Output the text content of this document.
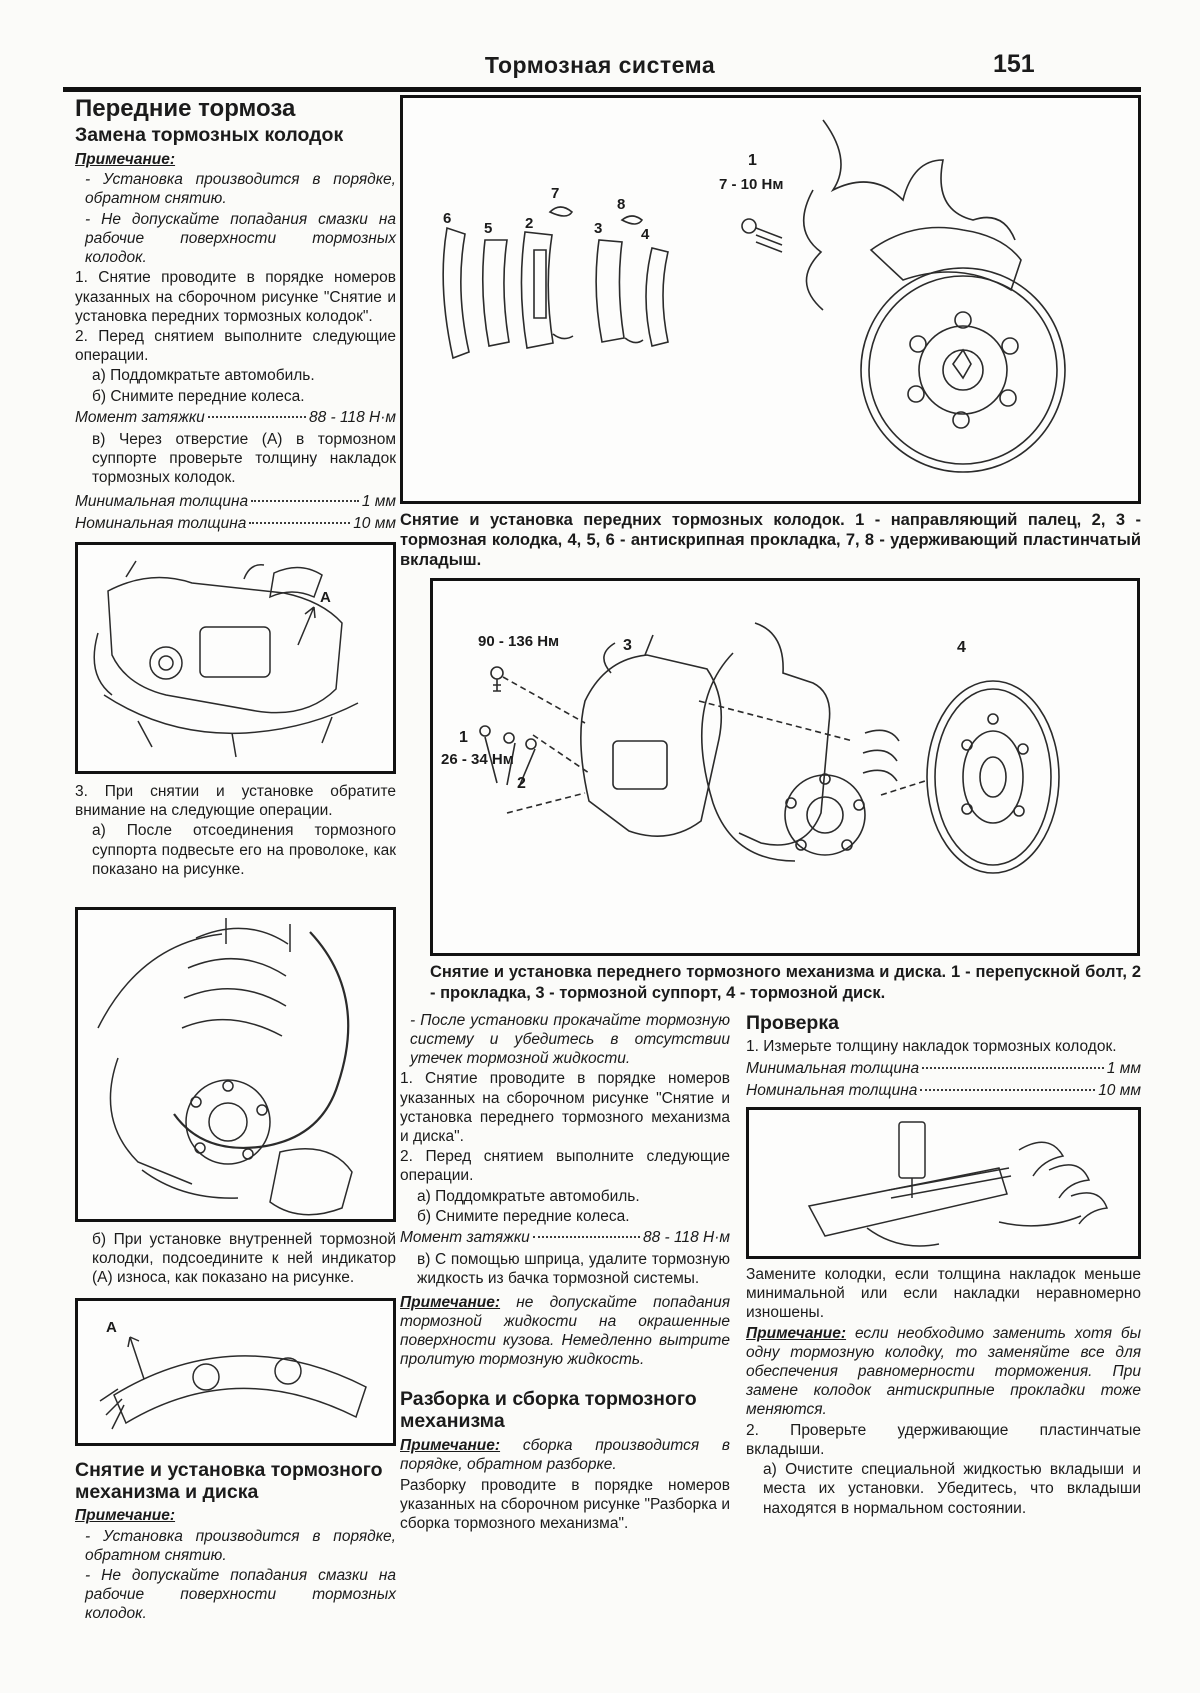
Тормозная система	151
Передние тормоза
Замена тормозных колодок
Примечание:
- Установка производится в порядке, обратном снятию.
- Не допускайте попадания смазки на рабочие поверхности тормозных колодок.
1. Снятие проводите в порядке номеров указанных на сборочном рисунке "Снятие и установка передних тормозных колодок".
2. Перед снятием выполните следующие операции.
а) Поддомкратьте автомобиль.
б) Снимите передние колеса.
Момент затяжки	88 - 118 Н·м
в) Через отверстие (А) в тормозном суппорте проверьте толщину накладок тормозных колодок.
Минимальная толщина	1 мм
Номинальная толщина	10 мм
А
3. При снятии и установке обратите внимание на следующие операции.
а) После отсоединения тормозного суппорта подвесьте его на проволоке, как показано на рисунке.
б) При установке внутренней тормозной колодки, подсоедините к ней индикатор (А) износа, как показано на рисунке.
А
Снятие и установка тормозного механизма и диска
Примечание:
- Установка производится в порядке, обратном снятию.
- Не допускайте попадания смазки на рабочие поверхности тормозных колодок.
6
5 2
7
8
3	4
1
7 - 10 Нм
Снятие и установка передних тормозных колодок. 1 - направляющий палец, 2, 3 - тормозная колодка, 4, 5, 6 - антискрипная прокладка, 7, 8 - удерживающий пластинчатый вкладыш.
90 - 136 Нм	3
1
26 - 34 Нм
2
4
Снятие и установка переднего тормозного механизма и диска. 1 - перепускной болт, 2 - прокладка, 3 - тормозной суппорт, 4 - тормозной диск.
- После установки прокачайте тормозную систему и убедитесь в отсутствии утечек тормозной жидкости.
1. Снятие проводите в порядке номеров указанных на сборочном рисунке "Снятие и установка переднего тормозного механизма и диска".
2. Перед снятием выполните следующие операции.
а) Поддомкратьте автомобиль.
б) Снимите передние колеса.
Момент затяжки	88 - 118 Н·м
в) С помощью шприца, удалите тормозную жидкость из бачка тормозной системы.
Примечание: не допускайте попадания тормозной жидкости на окрашенные поверхности кузова. Немедленно вытрите пролитую тормозную жидкость.
Разборка и сборка тормозного механизма
Примечание: сборка производится в порядке, обратном разборке.
Разборку проводите в порядке номеров указанных на сборочном рисунке "Разборка и сборка тормозного механизма".
Проверка
1. Измерьте толщину накладок тормозных колодок.
Минимальная толщина	1 мм
Номинальная толщина	10 мм
Замените колодки, если толщина накладок меньше минимальной или если накладки неравномерно изношены.
Примечание: если необходимо заменить хотя бы одну тормозную колодку, то заменяйте все для обеспечения равномерности торможения. При замене колодок антискрипные прокладки тоже меняются.
2. Проверьте удерживающие пластинчатые вкладыши.
а) Очистите специальной жидкостью вкладыши и места их установки. Убедитесь, что вкладыши находятся в нормальном состоянии.
